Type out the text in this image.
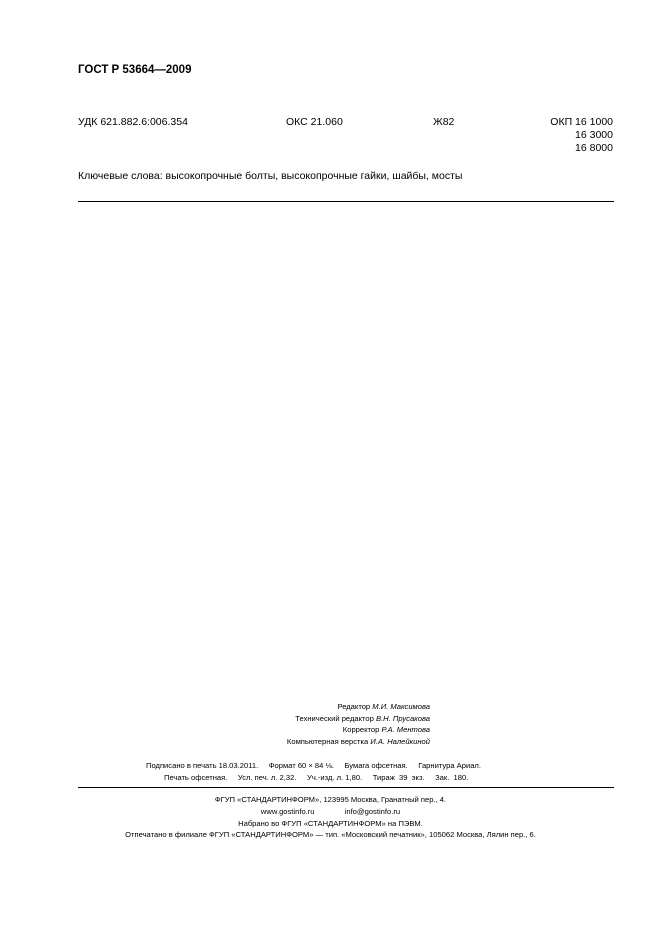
ГОСТ Р 53664—2009
УДК 621.882.6:006.354	ОКС 21.060	Ж82	ОКП 16 1000
16 3000
16 8000
Ключевые слова: высокопрочные болты, высокопрочные гайки, шайбы, мосты
Редактор М.И. Максимова
Технический редактор В.Н. Прусакова
Корректор Р.А. Ментова
Компьютерная верстка И.А. Налейкиной
Подписано в печать 18.03.2011.     Формат 60 × 84 ⅛.     Бумага офсетная.     Гарнитура Ариал.
Печать офсетная.     Усл. печ. л. 2,32.     Уч.-изд. л. 1,80.     Тираж  39  экз.     Зак.  180.
ФГУП «СТАНДАРТИНФОРМ», 123995 Москва, Гранатный пер., 4.
www.gostinfo.ru	info@gostinfo.ru
Набрано во ФГУП «СТАНДАРТИНФОРМ» на ПЭВМ.
Отпечатано в филиале ФГУП «СТАНДАРТИНФОРМ» — тип. «Московский печатник», 105062 Москва, Лялин пер., 6.
